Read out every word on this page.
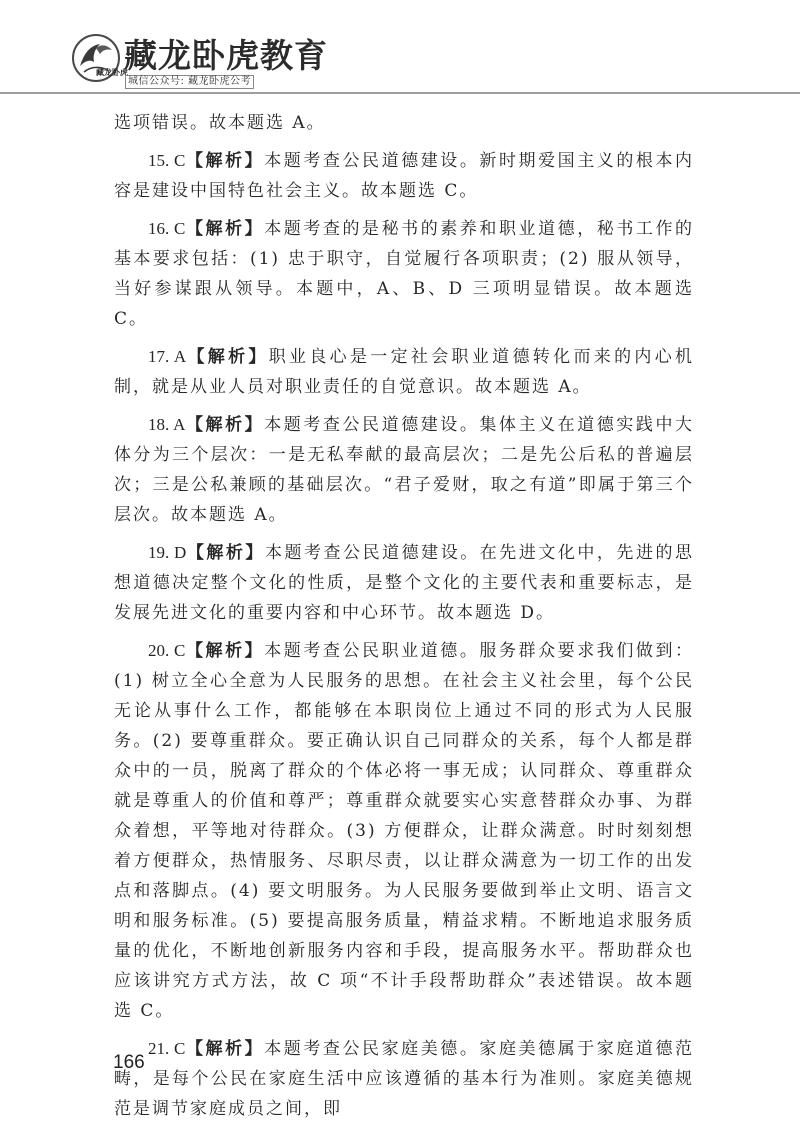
藏龙卧虎
藏龙卧虎教育
城信公众号: 藏龙卧虎公考

选项错误。故本题选 A。

15. C【解析】本题考查公民道德建设。新时期爱国主义的根本内容是建设中国特色社会主义。故本题选 C。

16. C【解析】本题考查的是秘书的素养和职业道德，秘书工作的基本要求包括：(1) 忠于职守，自觉履行各项职责；(2) 服从领导，当好参谋跟从领导。本题中，A、B、D 三项明显错误。故本题选 C。

17. A【解析】职业良心是一定社会职业道德转化而来的内心机制，就是从业人员对职业责任的自觉意识。故本题选 A。

18. A【解析】本题考查公民道德建设。集体主义在道德实践中大体分为三个层次：一是无私奉献的最高层次；二是先公后私的普遍层次；三是公私兼顾的基础层次。“君子爱财，取之有道”即属于第三个层次。故本题选 A。

19. D【解析】本题考查公民道德建设。在先进文化中，先进的思想道德决定整个文化的性质，是整个文化的主要代表和重要标志，是发展先进文化的重要内容和中心环节。故本题选 D。

20. C【解析】本题考查公民职业道德。服务群众要求我们做到：(1) 树立全心全意为人民服务的思想。在社会主义社会里，每个公民无论从事什么工作，都能够在本职岗位上通过不同的形式为人民服务。(2) 要尊重群众。要正确认识自己同群众的关系，每个人都是群众中的一员，脱离了群众的个体必将一事无成；认同群众、尊重群众就是尊重人的价值和尊严；尊重群众就要实心实意替群众办事、为群众着想，平等地对待群众。(3) 方便群众，让群众满意。时时刻刻想着方便群众，热情服务、尽职尽责，以让群众满意为一切工作的出发点和落脚点。(4) 要文明服务。为人民服务要做到举止文明、语言文明和服务标准。(5) 要提高服务质量，精益求精。不断地追求服务质量的优化，不断地创新服务内容和手段，提高服务水平。帮助群众也应该讲究方式方法，故 C 项“不计手段帮助群众”表述错误。故本题选 C。

21. C【解析】本题考查公民家庭美德。家庭美德属于家庭道德范畴，是每个公民在家庭生活中应该遵循的基本行为准则。家庭美德规范是调节家庭成员之间，即

166
